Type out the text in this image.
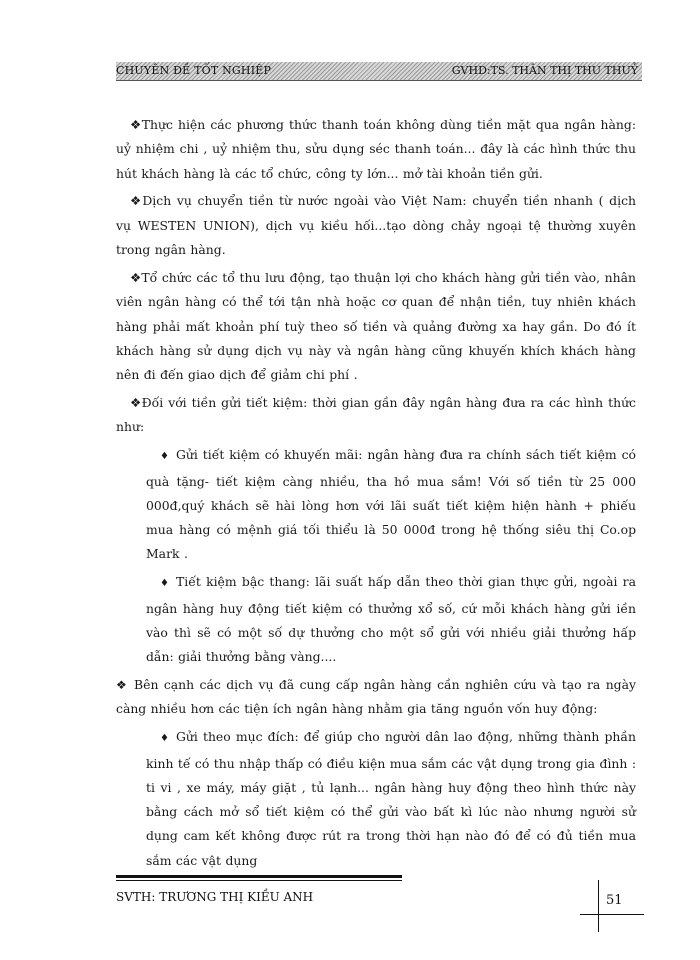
CHUYÊN ĐỀ TỐT NGHIỆP	GVHD:TS. THÂN THỊ THU THUỶ

❖Thực hiện các phương thức thanh toán không dùng tiền mặt qua ngân hàng: uỷ nhiệm chi , uỷ nhiệm thu, sửu dụng séc thanh toán... đây là các hình thức thu hút khách hàng là các tổ chức, công ty lớn... mở tài khoản tiền gửi.

❖Dịch vụ chuyển tiền từ nước ngoài vào Việt Nam: chuyển tiền nhanh ( dịch vụ WESTEN UNION), dịch vụ kiều hối...tạo dòng chảy ngoại tệ thường xuyên trong ngân hàng.

❖Tổ chức các tổ thu lưu động, tạo thuận lợi cho khách hàng gửi tiền vào, nhân viên ngân hàng có thể tới tận nhà hoặc cơ quan để nhận tiền, tuy nhiên khách hàng phải mất khoản phí tuỳ theo số tiền và quảng đường xa hay gần. Do đó ít khách hàng sử dụng dịch vụ này và ngân hàng cũng khuyến khích khách hàng nên đi đến giao dịch để giảm chi phí .

❖Đối với tiền gửi tiết kiệm: thời gian gần đây ngân hàng đưa ra các hình thức như:

♦ Gửi tiết kiệm có khuyến mãi: ngân hàng đưa ra chính sách tiết kiệm có quà tặng- tiết kiệm càng nhiều, tha hồ mua sắm! Với số tiền từ 25 000 000đ,quý khách sẽ hài lòng hơn với lãi suất tiết kiệm hiện hành + phiếu mua hàng có mệnh giá tối thiểu là 50 000đ trong hệ thống siêu thị Co.op Mark .

♦ Tiết kiệm bậc thang: lãi suất hấp dẫn theo thời gian thực gửi, ngoài ra ngân hàng huy động tiết kiệm có thưởng xổ số, cứ mỗi khách hàng gửi iền vào thì sẽ có một số dự thưởng cho một sổ gửi với nhiều giải thưởng hấp dẫn: giải thưởng bằng vàng....

❖ Bên cạnh các dịch vụ đã cung cấp ngân hàng cần nghiên cứu và tạo ra ngày càng nhiều hơn các tiện ích ngân hàng nhằm gia tăng nguồn vốn huy động:

♦ Gửi theo mục đích: để giúp cho người dân lao động, những thành phần kinh tế có thu nhập thấp có điều kiện mua sắm các vật dụng trong gia đình : ti vi , xe máy, máy giặt , tủ lạnh... ngân hàng huy động theo hình thức này bằng cách mở sổ tiết kiệm có thể gửi vào bất kì lúc nào nhưng người sử dụng cam kết không được rút ra trong thời hạn nào đó để có đủ tiền mua sắm các vật dụng

SVTH: TRƯƠNG THỊ KIỀU ANH	51
